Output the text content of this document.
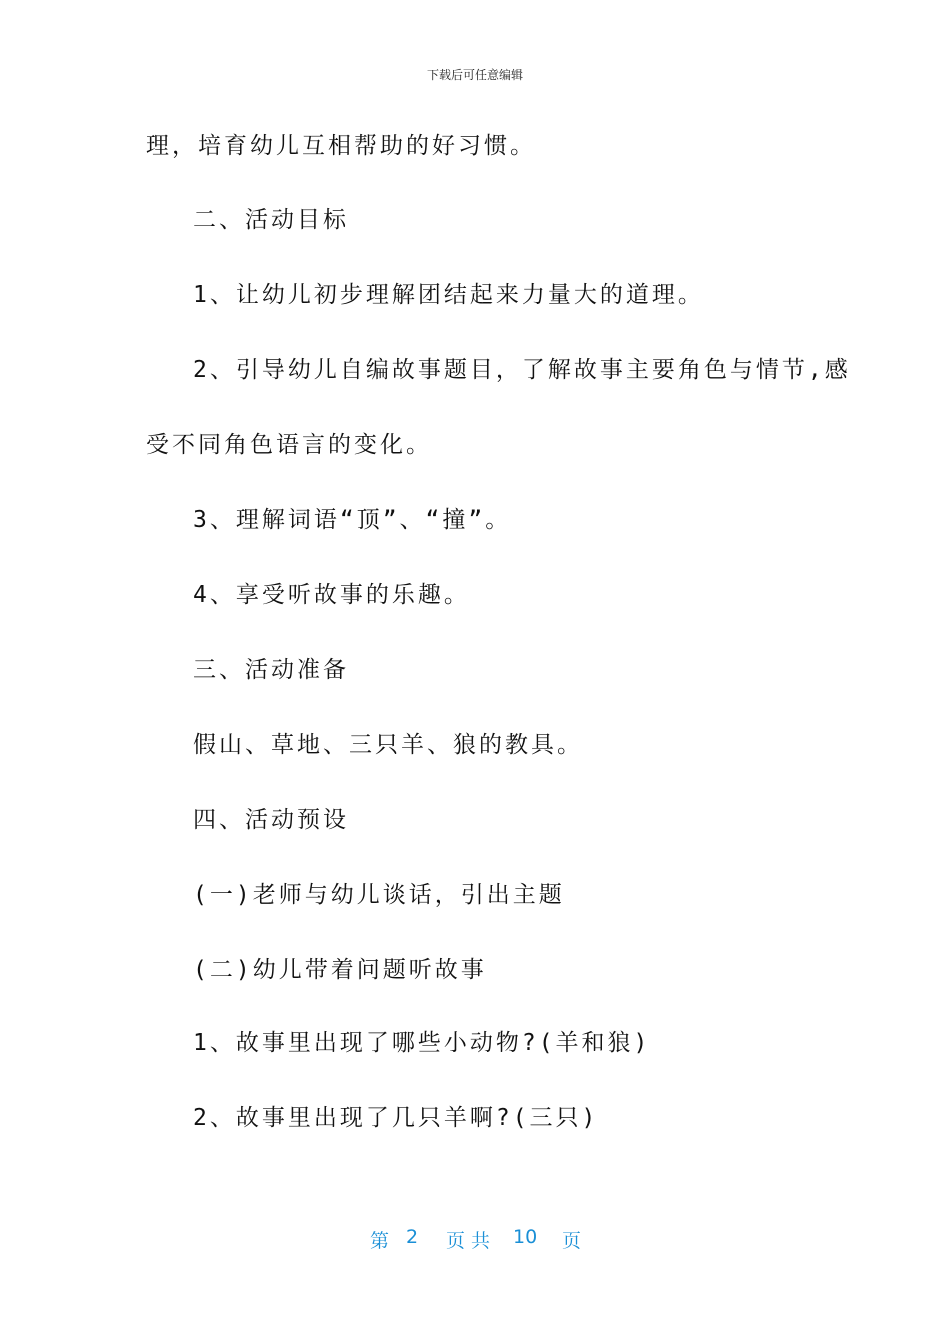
下载后可任意编辑
理，培育幼儿互相帮助的好习惯。
二、活动目标
1、让幼儿初步理解团结起来力量大的道理。
2、引导幼儿自编故事题目，了解故事主要角色与情节,感
受不同角色语言的变化。
3、理解词语“顶”、“撞”。
4、享受听故事的乐趣。
三、活动准备
假山、草地、三只羊、狼的教具。
四、活动预设
(一)老师与幼儿谈话，引出主题
(二)幼儿带着问题听故事
1、故事里出现了哪些小动物?(羊和狼)
2、故事里出现了几只羊啊?(三只)
第 2 页 共 10 页
